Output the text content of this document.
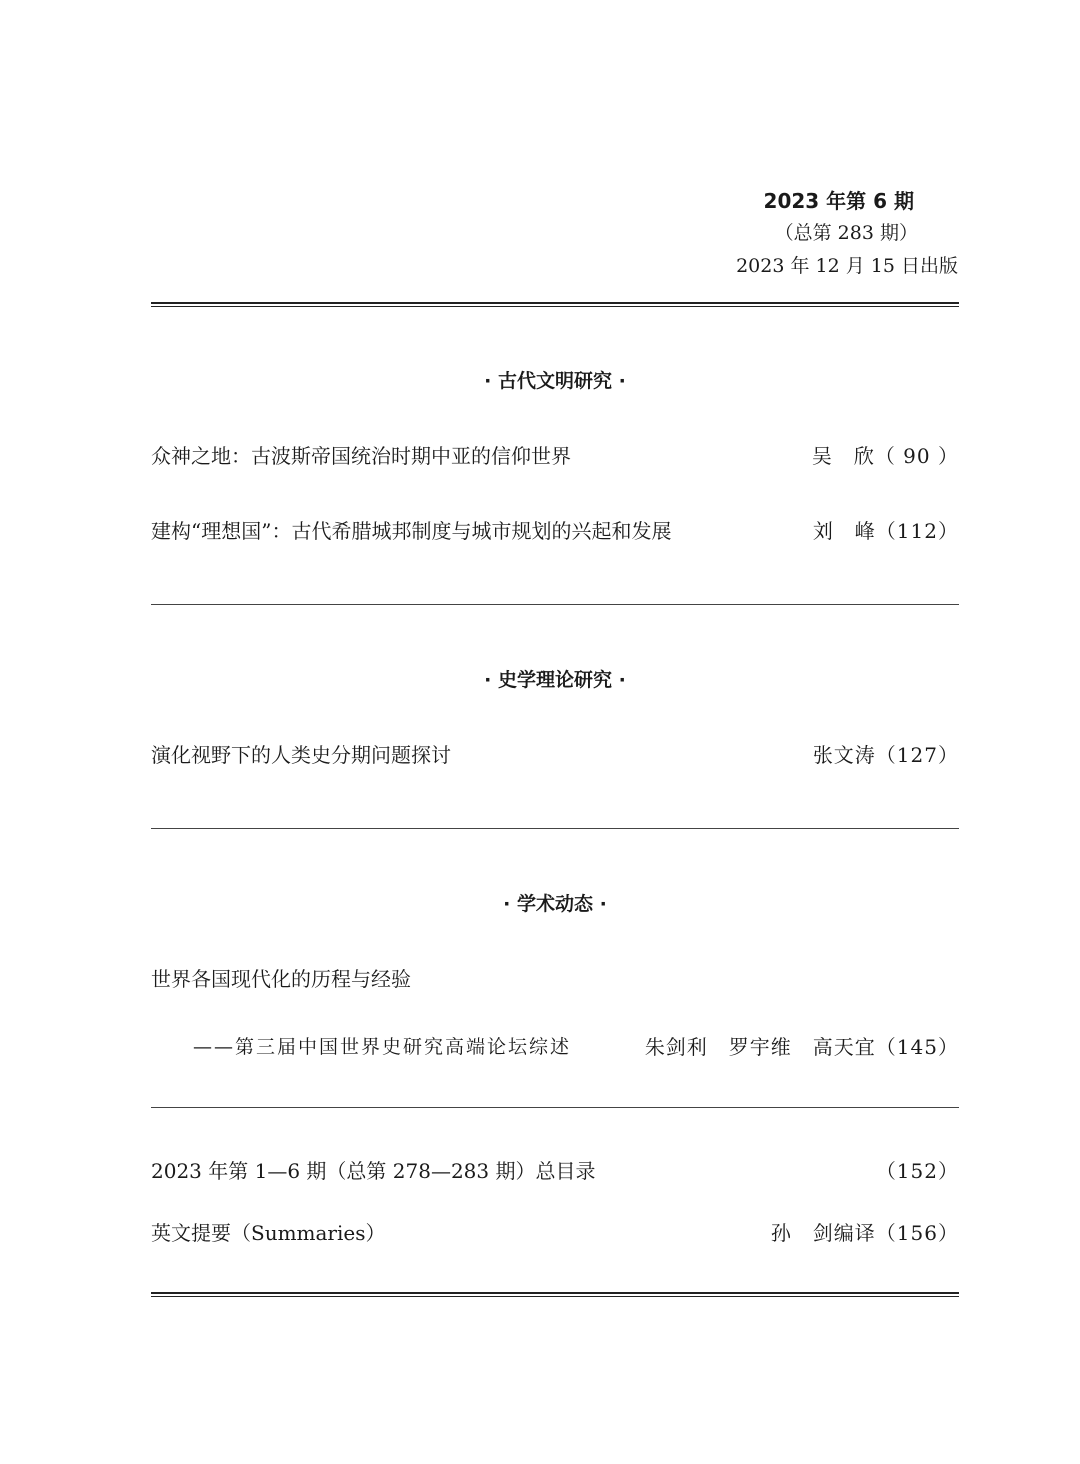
2023 年第 6 期
（总第 283 期）
2023 年 12 月 15 日出版
· 古代文明研究 ·
众神之地：古波斯帝国统治时期中亚的信仰世界	吴　欣（ 90 ）
建构“理想国”：古代希腊城邦制度与城市规划的兴起和发展	刘　峰（112）
· 史学理论研究 ·
演化视野下的人类史分期问题探讨	张文涛（127）
· 学术动态 ·
世界各国现代化的历程与经验
——第三届中国世界史研究高端论坛综述	朱剑利　罗宇维　高天宜（145）
2023 年第 1—6 期（总第 278—283 期）总目录	（152）
英文提要（Summaries）	孙　剑编译（156）
